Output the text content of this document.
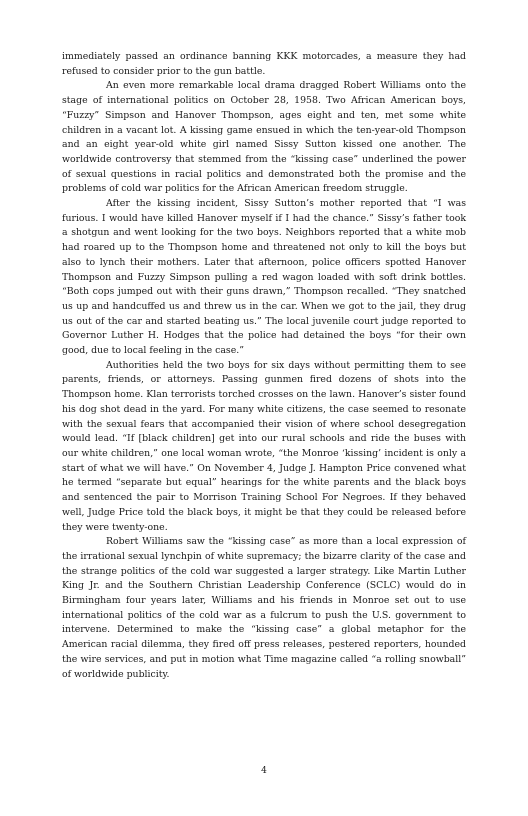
immediately passed an ordinance banning KKK motorcades, a measure they had refused to consider prior to the gun battle.

An even more remarkable local drama dragged Robert Williams onto the stage of international politics on October 28, 1958. Two African American boys, “Fuzzy” Simpson and Hanover Thompson, ages eight and ten, met some white children in a vacant lot. A kissing game ensued in which the ten-year-old Thompson and an eight year-old white girl named Sissy Sutton kissed one another. The worldwide controversy that stemmed from the “kissing case” underlined the power of sexual questions in racial politics and demonstrated both the promise and the problems of cold war politics for the African American freedom struggle.

After the kissing incident, Sissy Sutton’s mother reported that “I was furious. I would have killed Hanover myself if I had the chance.” Sissy’s father took a shotgun and went looking for the two boys. Neighbors reported that a white mob had roared up to the Thompson home and threatened not only to kill the boys but also to lynch their mothers. Later that afternoon, police officers spotted Hanover Thompson and Fuzzy Simpson pulling a red wagon loaded with soft drink bottles. “Both cops jumped out with their guns drawn,” Thompson recalled. “They snatched us up and handcuffed us and threw us in the car. When we got to the jail, they drug us out of the car and started beating us.” The local juvenile court judge reported to Governor Luther H. Hodges that the police had detained the boys “for their own good, due to local feeling in the case.”

Authorities held the two boys for six days without permitting them to see parents, friends, or attorneys. Passing gunmen fired dozens of shots into the Thompson home. Klan terrorists torched crosses on the lawn. Hanover’s sister found his dog shot dead in the yard. For many white citizens, the case seemed to resonate with the sexual fears that accompanied their vision of where school desegregation would lead. “If [black children] get into our rural schools and ride the buses with our white children,” one local woman wrote, “the Monroe ‘kissing’ incident is only a start of what we will have.” On November 4, Judge J. Hampton Price convened what he termed “separate but equal” hearings for the white parents and the black boys and sentenced the pair to Morrison Training School For Negroes. If they behaved well, Judge Price told the black boys, it might be that they could be released before they were twenty-one.

Robert Williams saw the “kissing case” as more than a local expression of the irrational sexual lynchpin of white supremacy; the bizarre clarity of the case and the strange politics of the cold war suggested a larger strategy. Like Martin Luther King Jr. and the Southern Christian Leadership Conference (SCLC) would do in Birmingham four years later, Williams and his friends in Monroe set out to use international politics of the cold war as a fulcrum to push the U.S. government to intervene. Determined to make the “kissing case” a global metaphor for the American racial dilemma, they fired off press releases, pestered reporters, hounded the wire services, and put in motion what Time magazine called “a rolling snowball” of worldwide publicity.

4
